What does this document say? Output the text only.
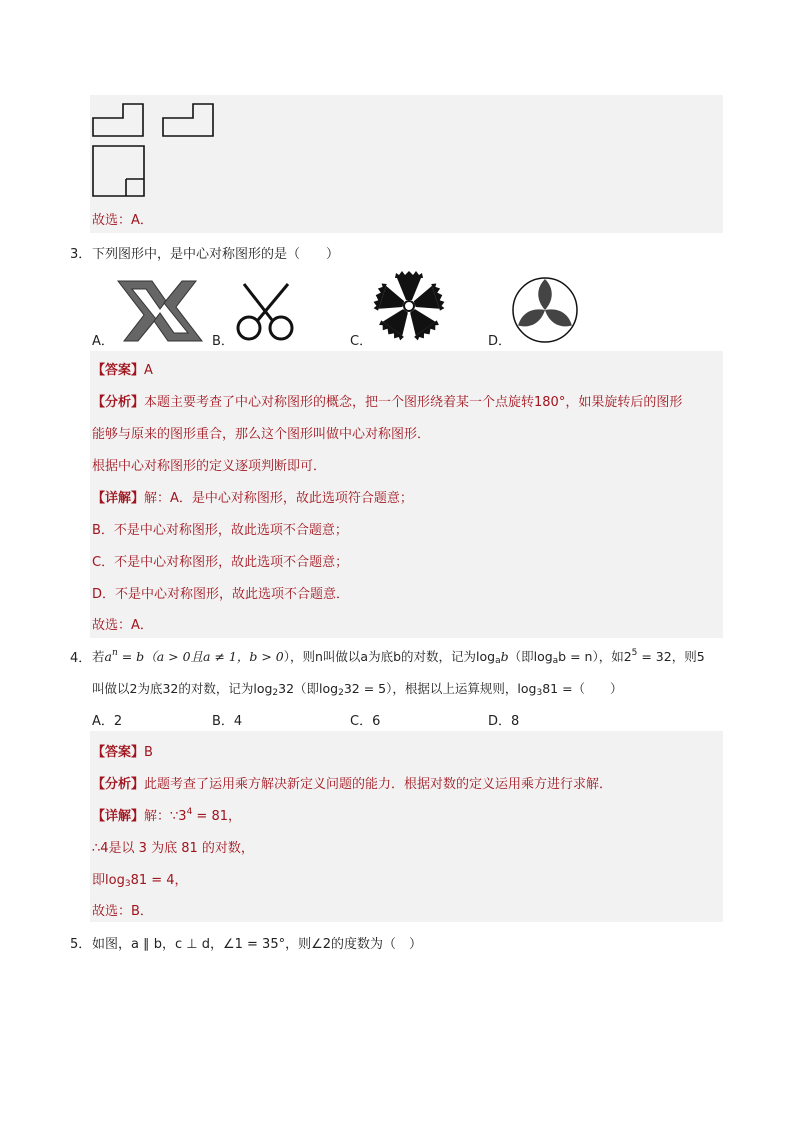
故选：A．
3． 下列图形中，是中心对称图形的是（　　）
A．	B．	C．	D．
【答案】A
【分析】本题主要考查了中心对称图形的概念，把一个图形绕着某一个点旋转180°，如果旋转后的图形
能够与原来的图形重合，那么这个图形叫做中心对称图形．
根据中心对称图形的定义逐项判断即可．
【详解】解：A．是中心对称图形，故此选项符合题意；
B．不是中心对称图形，故此选项不合题意；
C．不是中心对称图形，故此选项不合题意；
D．不是中心对称图形，故此选项不合题意．
故选：A．
4． 若$a^n = b(a > 0$且a ≠ 1，b > 0），则n叫做以a为底b的对数，记为$\log_ab$（即$\log_ab = n$），如$2^5 = 32$，则5
叫做以2为底32的对数，记为$\log_232$（即$\log_232 = 5$），根据以上运算规则，$\log_381$ =（　　）
A．2	B．4	C．6	D．8
【答案】B
【分析】此题考查了运用乘方解决新定义问题的能力．根据对数的定义运用乘方进行求解．
【详解】解：$\because 3^4 = 81$，
∴4是以 3 为底 81 的对数，
即$\log_381 = 4$，
故选：B．
5． 如图，a ∥ b，c ⊥ d，∠1 = 35°，则∠2的度数为（　）
